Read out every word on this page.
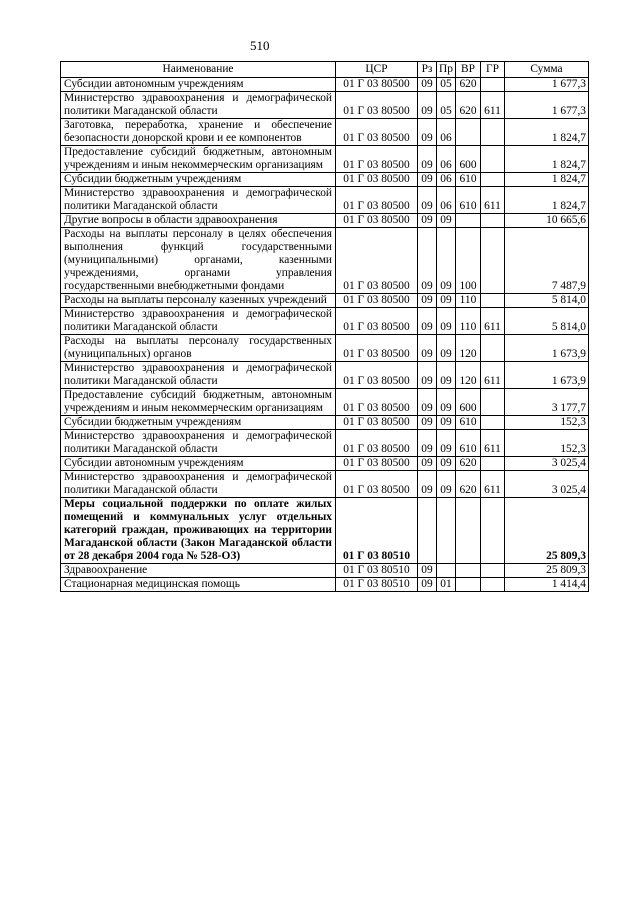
510
Наименование	ЦСР	Рз	Пр	ВР	ГР	Сумма
Субсидии автономным учреждениям	01 Г 03 80500	09	05	620		1 677,3
Министерство здравоохранения и демографической политики Магаданской области	01 Г 03 80500	09	05	620	611	1 677,3
Заготовка, переработка, хранение и обеспечение безопасности донорской крови и ее компонентов	01 Г 03 80500	09	06			1 824,7
Предоставление субсидий бюджетным, автономным учреждениям и иным некоммерческим организациям	01 Г 03 80500	09	06	600		1 824,7
Субсидии бюджетным учреждениям	01 Г 03 80500	09	06	610		1 824,7
Министерство здравоохранения и демографической политики Магаданской области	01 Г 03 80500	09	06	610	611	1 824,7
Другие вопросы в области здравоохранения	01 Г 03 80500	09	09			10 665,6
Расходы на выплаты персоналу в целях обеспечения выполнения функций государственными (муниципальными) органами, казенными учреждениями, органами управления государственными внебюджетными фондами	01 Г 03 80500	09	09	100		7 487,9
Расходы на выплаты персоналу казенных учреждений	01 Г 03 80500	09	09	110		5 814,0
Министерство здравоохранения и демографической политики Магаданской области	01 Г 03 80500	09	09	110	611	5 814,0
Расходы на выплаты персоналу государственных (муниципальных) органов	01 Г 03 80500	09	09	120		1 673,9
Министерство здравоохранения и демографической политики Магаданской области	01 Г 03 80500	09	09	120	611	1 673,9
Предоставление субсидий бюджетным, автономным учреждениям и иным некоммерческим организациям	01 Г 03 80500	09	09	600		3 177,7
Субсидии бюджетным учреждениям	01 Г 03 80500	09	09	610		152,3
Министерство здравоохранения и демографической политики Магаданской области	01 Г 03 80500	09	09	610	611	152,3
Субсидии автономным учреждениям	01 Г 03 80500	09	09	620		3 025,4
Министерство здравоохранения и демографической политики Магаданской области	01 Г 03 80500	09	09	620	611	3 025,4
Меры социальной поддержки по оплате жилых помещений и коммунальных услуг отдельных категорий граждан, проживающих на территории Магаданской области (Закон Магаданской области от 28 декабря 2004 года № 528-ОЗ)	01 Г 03 80510					25 809,3
Здравоохранение	01 Г 03 80510	09				25 809,3
Стационарная медицинская помощь	01 Г 03 80510	09	01			1 414,4
